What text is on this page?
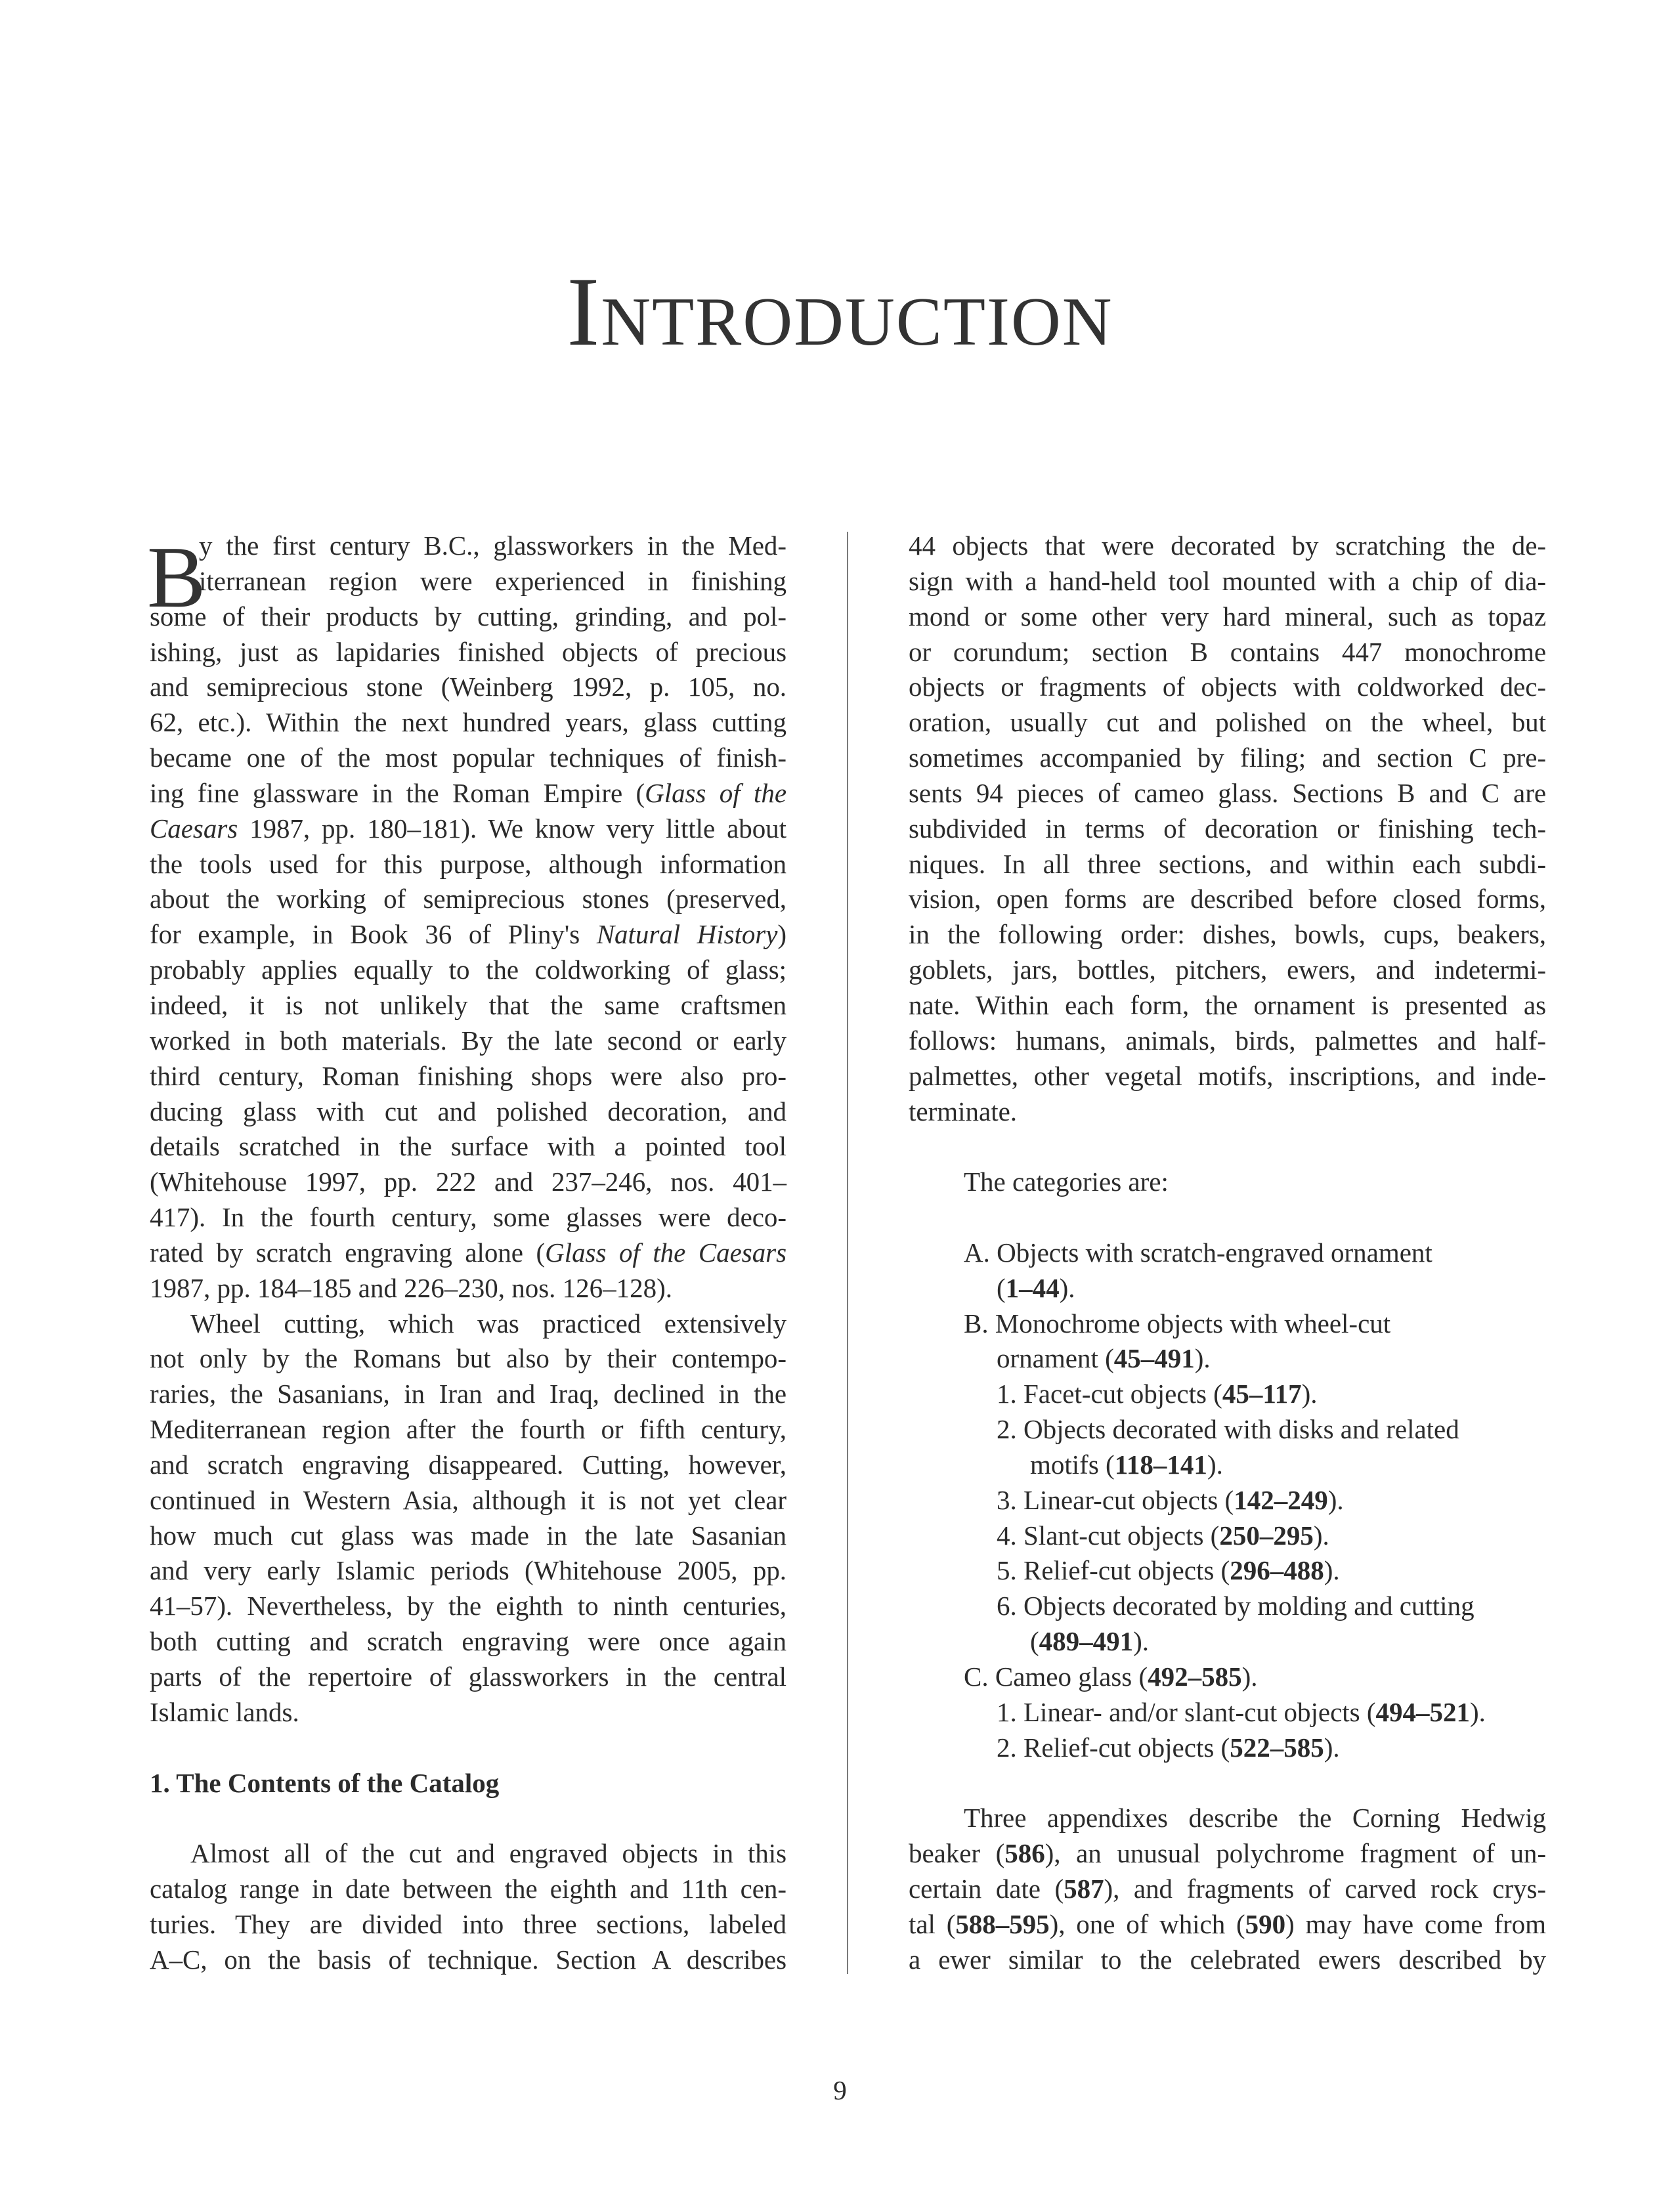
Introduction
B
y the first century B.C., glassworkers in the Med-
iterranean region were experienced in finishing
some of their products by cutting, grinding, and pol-
ishing, just as lapidaries finished objects of precious
and semiprecious stone (Weinberg 1992, p. 105, no.
62, etc.). Within the next hundred years, glass cutting
became one of the most popular techniques of finish-
ing fine glassware in the Roman Empire (Glass of the
Caesars 1987, pp. 180–181). We know very little about
the tools used for this purpose, although information
about the working of semiprecious stones (preserved,
for example, in Book 36 of Pliny's Natural History)
probably applies equally to the coldworking of glass;
indeed, it is not unlikely that the same craftsmen
worked in both materials. By the late second or early
third century, Roman finishing shops were also pro-
ducing glass with cut and polished decoration, and
details scratched in the surface with a pointed tool
(Whitehouse 1997, pp. 222 and 237–246, nos. 401–
417). In the fourth century, some glasses were deco-
rated by scratch engraving alone (Glass of the Caesars
1987, pp. 184–185 and 226–230, nos. 126–128).
Wheel cutting, which was practiced extensively
not only by the Romans but also by their contempo-
raries, the Sasanians, in Iran and Iraq, declined in the
Mediterranean region after the fourth or fifth century,
and scratch engraving disappeared. Cutting, however,
continued in Western Asia, although it is not yet clear
how much cut glass was made in the late Sasanian
and very early Islamic periods (Whitehouse 2005, pp.
41–57). Nevertheless, by the eighth to ninth centuries,
both cutting and scratch engraving were once again
parts of the repertoire of glassworkers in the central
Islamic lands.
1. The Contents of the Catalog
Almost all of the cut and engraved objects in this
catalog range in date between the eighth and 11th cen-
turies. They are divided into three sections, labeled
A–C, on the basis of technique. Section A describes
44 objects that were decorated by scratching the de-
sign with a hand-held tool mounted with a chip of dia-
mond or some other very hard mineral, such as topaz
or corundum; section B contains 447 monochrome
objects or fragments of objects with coldworked dec-
oration, usually cut and polished on the wheel, but
sometimes accompanied by filing; and section C pre-
sents 94 pieces of cameo glass. Sections B and C are
subdivided in terms of decoration or finishing tech-
niques. In all three sections, and within each subdi-
vision, open forms are described before closed forms,
in the following order: dishes, bowls, cups, beakers,
goblets, jars, bottles, pitchers, ewers, and indetermi-
nate. Within each form, the ornament is presented as
follows: humans, animals, birds, palmettes and half-
palmettes, other vegetal motifs, inscriptions, and inde-
terminate.
The categories are:
A. Objects with scratch-engraved ornament
(1–44).
B. Monochrome objects with wheel-cut
ornament (45–491).
1. Facet-cut objects (45–117).
2. Objects decorated with disks and related
motifs (118–141).
3. Linear-cut objects (142–249).
4. Slant-cut objects (250–295).
5. Relief-cut objects (296–488).
6. Objects decorated by molding and cutting
(489–491).
C. Cameo glass (492–585).
1. Linear- and/or slant-cut objects (494–521).
2. Relief-cut objects (522–585).
Three appendixes describe the Corning Hedwig
beaker (586), an unusual polychrome fragment of un-
certain date (587), and fragments of carved rock crys-
tal (588–595), one of which (590) may have come from
a ewer similar to the celebrated ewers described by
9
